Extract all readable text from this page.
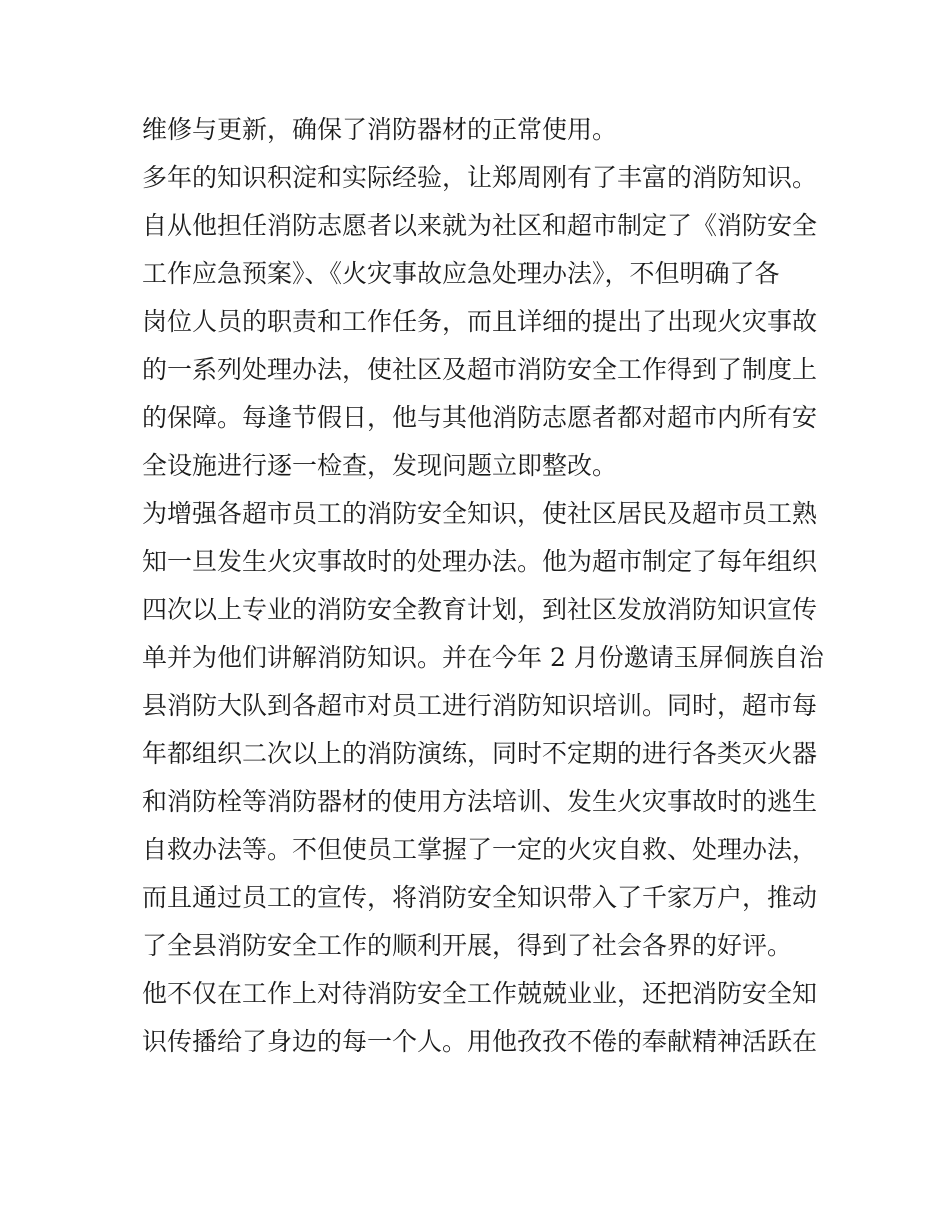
维修与更新，确保了消防器材的正常使用。
多年的知识积淀和实际经验，让郑周刚有了丰富的消防知识。
自从他担任消防志愿者以来就为社区和超市制定了《消防安全
工作应急预案》、《火灾事故应急处理办法》，不但明确了各
岗位人员的职责和工作任务，而且详细的提出了出现火灾事故
的一系列处理办法，使社区及超市消防安全工作得到了制度上
的保障。每逢节假日，他与其他消防志愿者都对超市内所有安
全设施进行逐一检查，发现问题立即整改。
为增强各超市员工的消防安全知识，使社区居民及超市员工熟
知一旦发生火灾事故时的处理办法。他为超市制定了每年组织
四次以上专业的消防安全教育计划，到社区发放消防知识宣传
单并为他们讲解消防知识。并在今年 2 月份邀请玉屏侗族自治
县消防大队到各超市对员工进行消防知识培训。同时，超市每
年都组织二次以上的消防演练，同时不定期的进行各类灭火器
和消防栓等消防器材的使用方法培训、发生火灾事故时的逃生
自救办法等。不但使员工掌握了一定的火灾自救、处理办法，
而且通过员工的宣传，将消防安全知识带入了千家万户，推动
了全县消防安全工作的顺利开展，得到了社会各界的好评。
他不仅在工作上对待消防安全工作兢兢业业，还把消防安全知
识传播给了身边的每一个人。用他孜孜不倦的奉献精神活跃在
